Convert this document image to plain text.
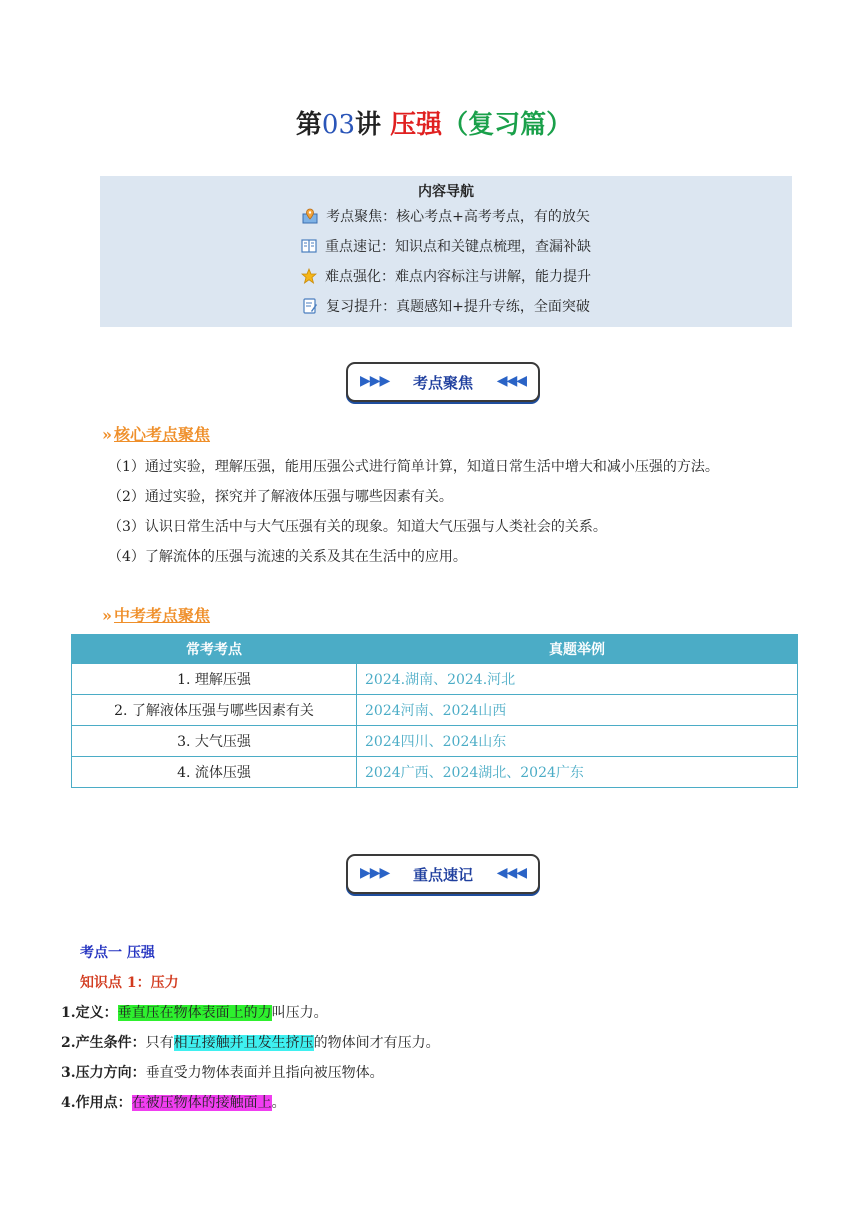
第03讲 压强（复习篇）
内容导航
考点聚焦：核心考点+高考考点，有的放矢
重点速记：知识点和关键点梳理，查漏补缺
难点强化：难点内容标注与讲解，能力提升
复习提升：真题感知+提升专练，全面突破
▶▶▶	考点聚焦	◀◀◀
» 核心考点聚焦
（1）通过实验，理解压强，能用压强公式进行简单计算，知道日常生活中增大和减小压强的方法。
（2）通过实验，探究并了解液体压强与哪些因素有关。
（3）认识日常生活中与大气压强有关的现象。知道大气压强与人类社会的关系。
（4）了解流体的压强与流速的关系及其在生活中的应用。
» 中考考点聚焦
常考考点	真题举例
1. 理解压强	2024.湖南、2024.河北
2. 了解液体压强与哪些因素有关	2024河南、2024山西
3. 大气压强	2024四川、2024山东
4. 流体压强	2024广西、2024湖北、2024广东
▶▶▶	重点速记	◀◀◀
考点一 压强
知识点 1：压力
1.定义：垂直压在物体表面上的力叫压力。
2.产生条件：只有相互接触并且发生挤压的物体间才有压力。
3.压力方向：垂直受力物体表面并且指向被压物体。
4.作用点：在被压物体的接触面上。
